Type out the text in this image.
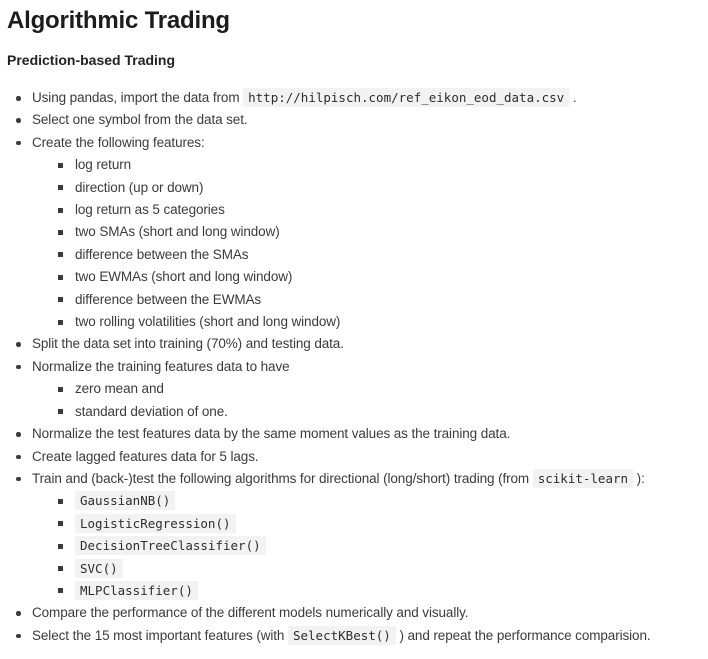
Algorithmic Trading
Prediction-based Trading
Using pandas, import the data from http://hilpisch.com/ref_eikon_eod_data.csv .
Select one symbol from the data set.
Create the following features:
log return
direction (up or down)
log return as 5 categories
two SMAs (short and long window)
difference between the SMAs
two EWMAs (short and long window)
difference between the EWMAs
two rolling volatilities (short and long window)
Split the data set into training (70%) and testing data.
Normalize the training features data to have
zero mean and
standard deviation of one.
Normalize the test features data by the same moment values as the training data.
Create lagged features data for 5 lags.
Train and (back-)test the following algorithms for directional (long/short) trading (from scikit-learn ):
GaussianNB()
LogisticRegression()
DecisionTreeClassifier()
SVC()
MLPClassifier()
Compare the performance of the different models numerically and visually.
Select the 15 most important features (with SelectKBest() ) and repeat the performance comparision.
